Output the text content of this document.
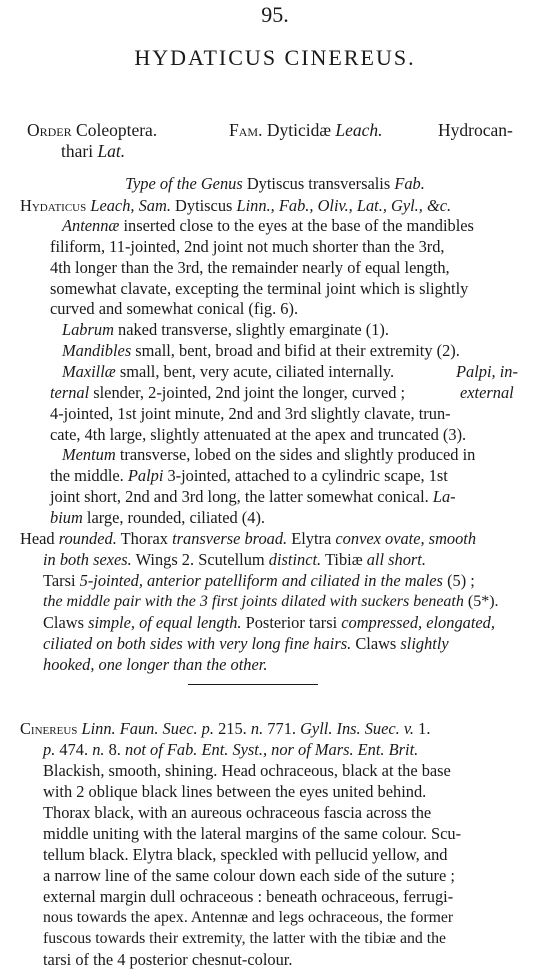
95.
HYDATICUS CINEREUS.
Order Coleoptera.	Fam. Dyticidæ Leach.	Hydrocan-
thari Lat.
Type of the Genus Dytiscus transversalis Fab.
Hydaticus Leach, Sam. Dytiscus Linn., Fab., Oliv., Lat., Gyl., &c.
Antennæ inserted close to the eyes at the base of the mandibles
filiform, 11-jointed, 2nd joint not much shorter than the 3rd,
4th longer than the 3rd, the remainder nearly of equal length,
somewhat clavate, excepting the terminal joint which is slightly
curved and somewhat conical (fig. 6).
Labrum naked transverse, slightly emarginate (1).
Mandibles small, bent, broad and bifid at their extremity (2).
Maxillæ small, bent, very acute, ciliated internally.	Palpi, in-
ternal slender, 2-jointed, 2nd joint the longer, curved ;	external
4-jointed, 1st joint minute, 2nd and 3rd slightly clavate, trun-
cate, 4th large, slightly attenuated at the apex and truncated (3).
Mentum transverse, lobed on the sides and slightly produced in
the middle. Palpi 3-jointed, attached to a cylindric scape, 1st
joint short, 2nd and 3rd long, the latter somewhat conical. La-
bium large, rounded, ciliated (4).
Head rounded. Thorax transverse broad. Elytra convex ovate, smooth
in both sexes. Wings 2. Scutellum distinct. Tibiæ all short.
Tarsi 5-jointed, anterior patelliform and ciliated in the males (5) ;
the middle pair with the 3 first joints dilated with suckers beneath (5*).
Claws simple, of equal length. Posterior tarsi compressed, elongated,
ciliated on both sides with very long fine hairs. Claws slightly
hooked, one longer than the other.
Cinereus Linn. Faun. Suec. p. 215. n. 771. Gyll. Ins. Suec. v. 1.
p. 474. n. 8. not of Fab. Ent. Syst., nor of Mars. Ent. Brit.
Blackish, smooth, shining. Head ochraceous, black at the base
with 2 oblique black lines between the eyes united behind.
Thorax black, with an aureous ochraceous fascia across the
middle uniting with the lateral margins of the same colour. Scu-
tellum black. Elytra black, speckled with pellucid yellow, and
a narrow line of the same colour down each side of the suture ;
external margin dull ochraceous : beneath ochraceous, ferrugi-
nous towards the apex. Antennæ and legs ochraceous, the former
fuscous towards their extremity, the latter with the tibiæ and the
tarsi of the 4 posterior chesnut-colour.
